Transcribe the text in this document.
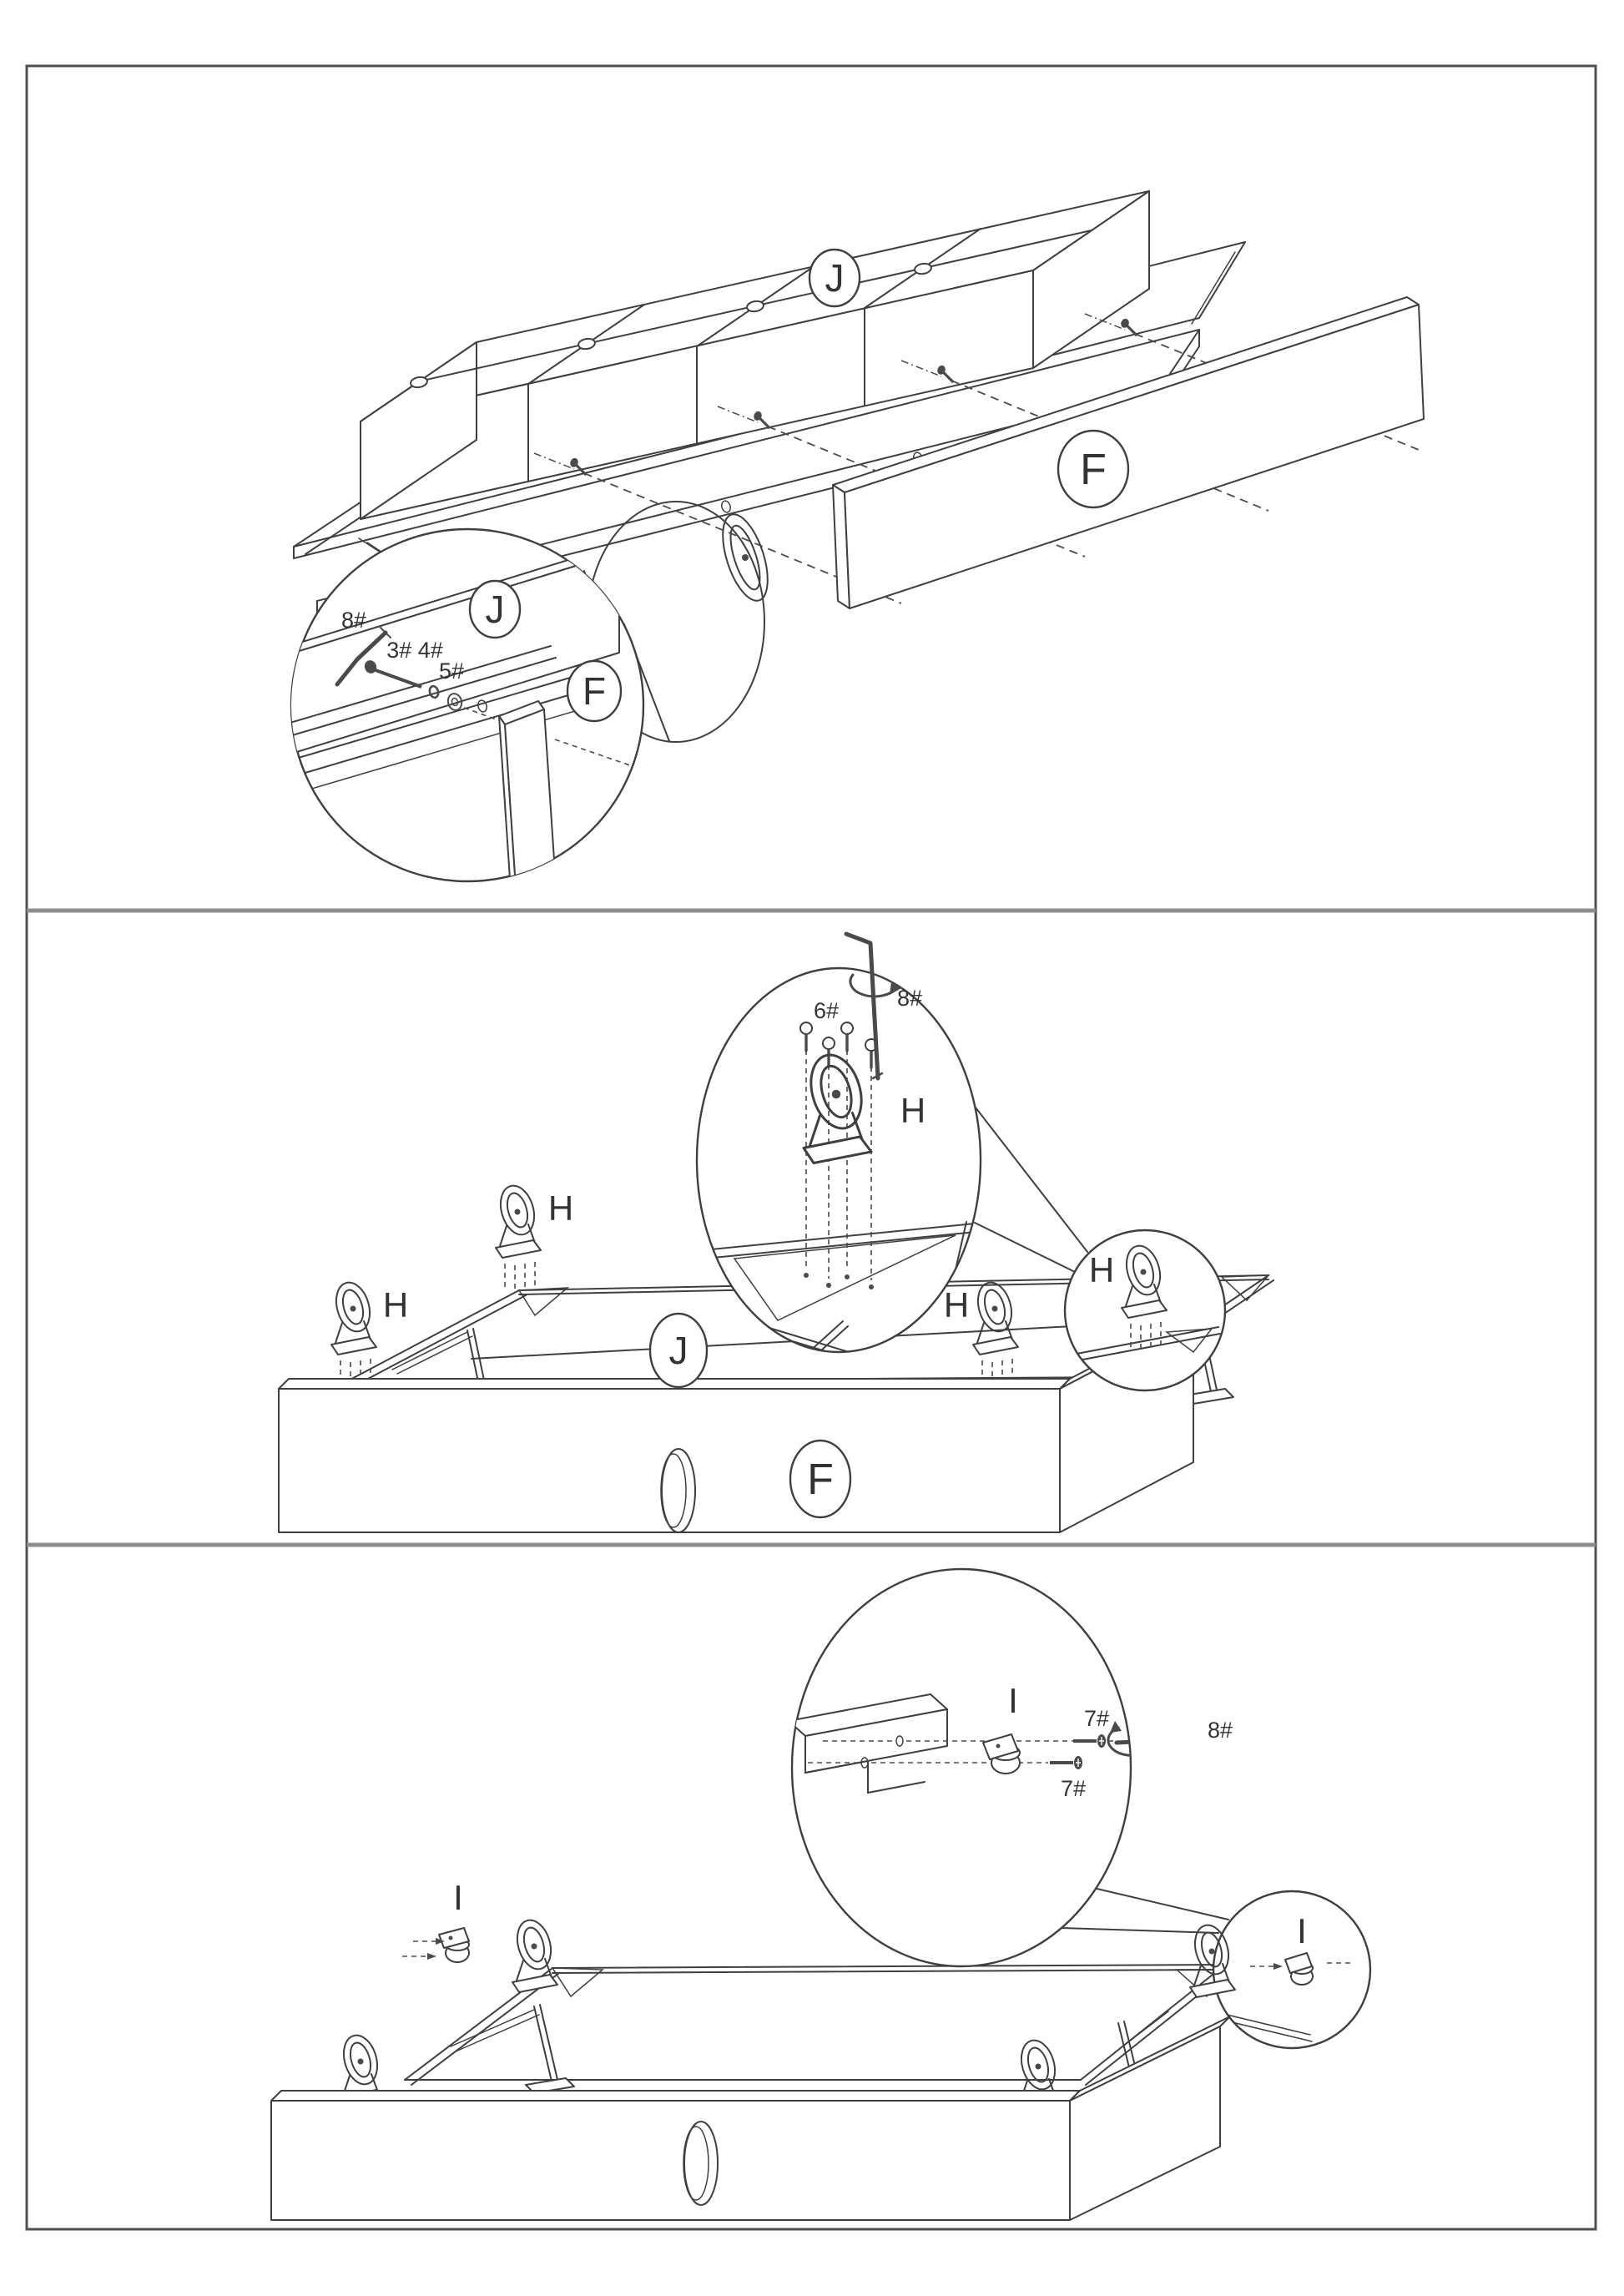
J
F
8#
3# 4#
5#
J
F
H
H
H
J
F
H
6#	8#
H
I
I
I	7#
7#
8#
